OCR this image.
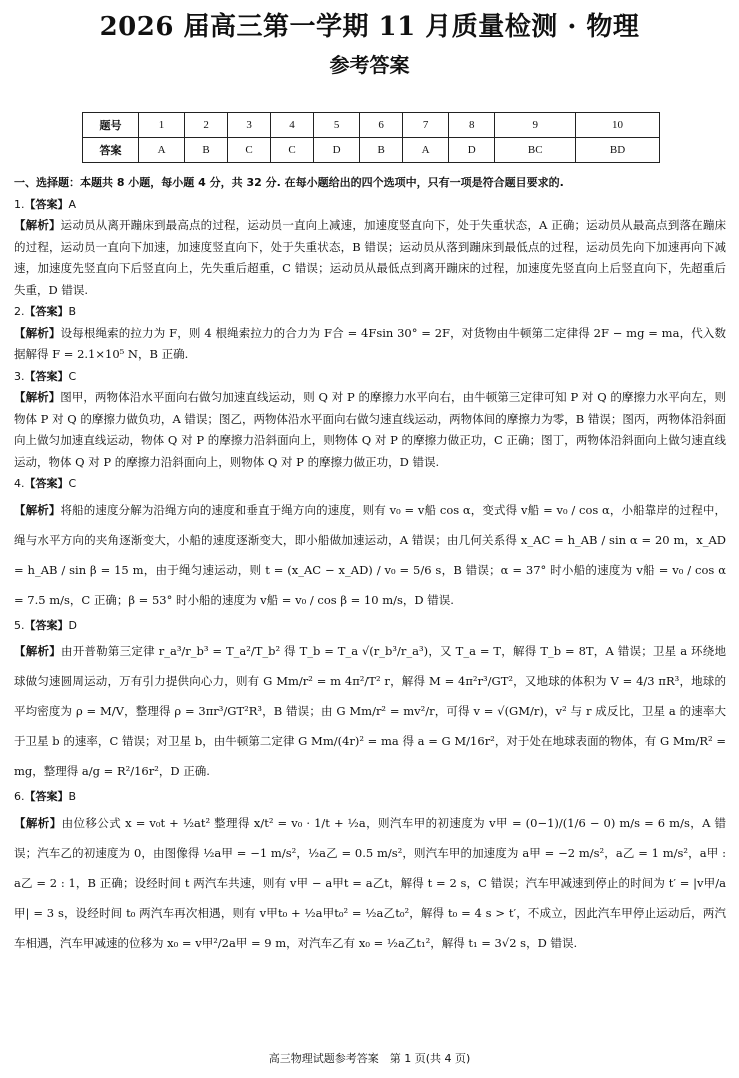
2026 届高三第一学期 11 月质量检测 · 物理
参考答案
题号	1	2	3	4	5	6	7	8	9	10
答案	A	B	C	C	D	B	A	D	BC	BD
一、选择题：本题共 8 小题，每小题 4 分，共 32 分. 在每小题给出的四个选项中，只有一项是符合题目要求的.
1.【答案】A
【解析】运动员从离开蹦床到最高点的过程，运动员一直向上减速，加速度竖直向下，处于失重状态，A 正确；运动员从最高点到落在蹦床的过程，运动员一直向下加速，加速度竖直向下，处于失重状态，B 错误；运动员从落到蹦床到最低点的过程，运动员先向下加速再向下减速，加速度先竖直向下后竖直向上，先失重后超重，C 错误；运动员从最低点到离开蹦床的过程，加速度先竖直向上后竖直向下，先超重后失重，D 错误.
2.【答案】B
【解析】设每根绳索的拉力为 F，则 4 根绳索拉力的合力为 F合 = 4Fsin 30° = 2F，对货物由牛顿第二定律得 2F − mg = ma，代入数据解得 F = 2.1×10⁵ N，B 正确.
3.【答案】C
【解析】图甲，两物体沿水平面向右做匀加速直线运动，则 Q 对 P 的摩擦力水平向右，由牛顿第三定律可知 P 对 Q 的摩擦力水平向左，则物体 P 对 Q 的摩擦力做负功，A 错误；图乙，两物体沿水平面向右做匀速直线运动，两物体间的摩擦力为零，B 错误；图丙，两物体沿斜面向上做匀加速直线运动，物体 Q 对 P 的摩擦力沿斜面向上，则物体 Q 对 P 的摩擦力做正功，C 正确；图丁，两物体沿斜面向上做匀速直线运动，物体 Q 对 P 的摩擦力沿斜面向上，则物体 Q 对 P 的摩擦力做正功，D 错误.
4.【答案】C
【解析】将船的速度分解为沿绳方向的速度和垂直于绳方向的速度，则有 v₀ = v船 cos α，变式得 v船 = v₀ / cos α，小船靠岸的过程中，绳与水平方向的夹角逐渐变大，小船的速度逐渐变大，即小船做加速运动，A 错误；由几何关系得 x_AC = h_AB / sin α = 20 m，x_AD = h_AB / sin β = 15 m，由于绳匀速运动，则 t = (x_AC − x_AD) / v₀ = 5/6 s，B 错误；α = 37° 时小船的速度为 v船 = v₀ / cos α = 7.5 m/s，C 正确；β = 53° 时小船的速度为 v船 = v₀ / cos β = 10 m/s，D 错误.
5.【答案】D
【解析】由开普勒第三定律 r_a³/r_b³ = T_a²/T_b² 得 T_b = T_a √(r_b³/r_a³)，又 T_a = T，解得 T_b = 8T，A 错误；卫星 a 环绕地球做匀速圆周运动，万有引力提供向心力，则有 G Mm/r² = m 4π²/T² r，解得 M = 4π²r³/GT²，又地球的体积为 V = 4/3 πR³，地球的平均密度为 ρ = M/V，整理得 ρ = 3πr³/GT²R³，B 错误；由 G Mm/r² = mv²/r，可得 v = √(GM/r)，v² 与 r 成反比，卫星 a 的速率大于卫星 b 的速率，C 错误；对卫星 b，由牛顿第二定律 G Mm/(4r)² = ma 得 a = G M/16r²，对于处在地球表面的物体，有 G Mm/R² = mg，整理得 a/g = R²/16r²，D 正确.
6.【答案】B
【解析】由位移公式 x = v₀t + ½at² 整理得 x/t² = v₀ · 1/t + ½a，则汽车甲的初速度为 v甲 = (0−1)/(1/6 − 0) m/s = 6 m/s，A 错误；汽车乙的初速度为 0，由图像得 ½a甲 = −1 m/s²，½a乙 = 0.5 m/s²，则汽车甲的加速度为 a甲 = −2 m/s²，a乙 = 1 m/s²，a甲 : a乙 = 2 : 1，B 正确；设经时间 t 两汽车共速，则有 v甲 − a甲t = a乙t，解得 t = 2 s，C 错误；汽车甲减速到停止的时间为 t′ = |v甲/a甲| = 3 s，设经时间 t₀ 两汽车再次相遇，则有 v甲t₀ + ½a甲t₀² = ½a乙t₀²，解得 t₀ = 4 s > t′，不成立，因此汽车甲停止运动后，两汽车相遇，汽车甲减速的位移为 x₀ = v甲²/2a甲 = 9 m，对汽车乙有 x₀ = ½a乙t₁²，解得 t₁ = 3√2 s，D 错误.
高三物理试题参考答案　第 1 页(共 4 页)
